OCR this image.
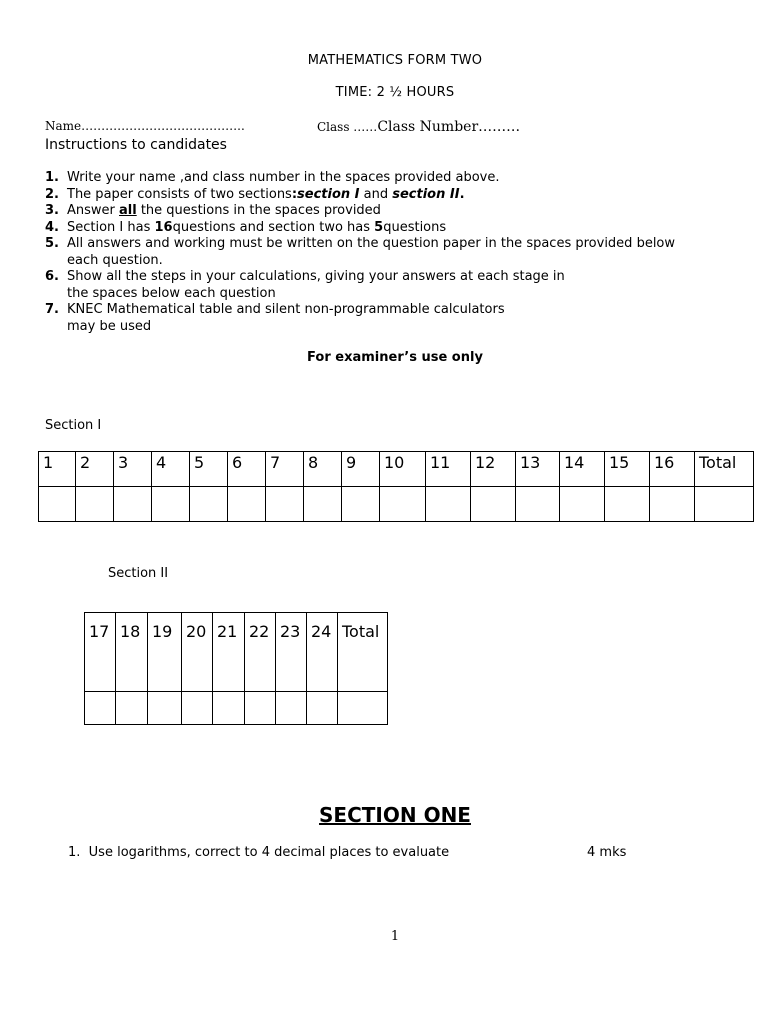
MATHEMATICS FORM TWO
TIME: 2 ½ HOURS
Name…………………………………..	Class ……Class Number………
Instructions to candidates
1. Write your name ,and class number in the spaces provided above.
2. The paper consists of two sections:section I and section II.
3. Answer all the questions in the spaces provided
4. Section I has 16questions and section two has 5questions
5. All answers and working must be written on the question paper in the spaces provided below
each question.
6. Show all the steps in your calculations, giving your answers at each stage in
the spaces below each question
7. KNEC Mathematical table and silent non-programmable calculators
may be used
For examiner’s use only
Section I
1	2	3	4	5	6	7	8	9	10	11	12	13	14	15	16	Total

Section II
17	18	19	20	21	22	23	24	Total

SECTION ONE
1. Use logarithms, correct to 4 decimal places to evaluate	4 mks
1
